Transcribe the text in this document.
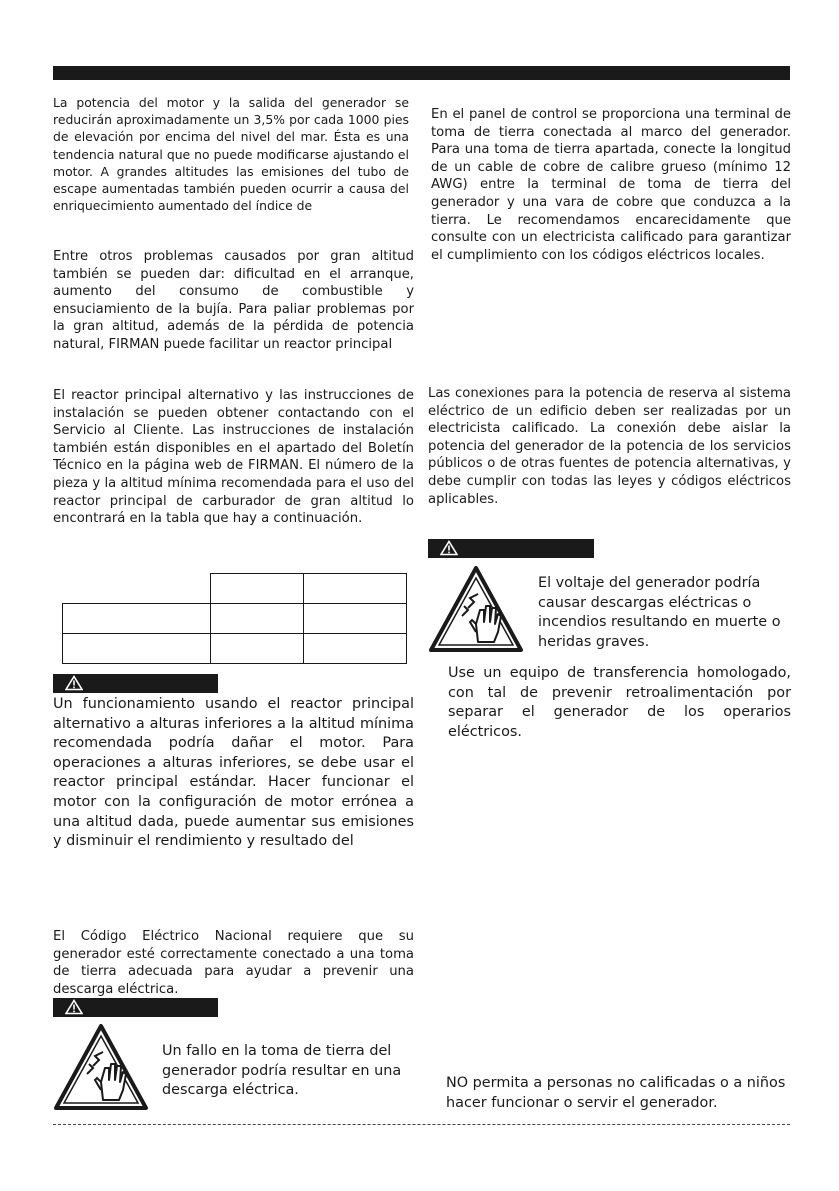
La potencia del motor y la salida del generador se reducirán aproximadamente un 3,5% por cada 1000 pies de elevación por encima del nivel del mar. Ésta es una tendencia natural que no puede modificarse ajustando el motor. A grandes altitudes las emisiones del tubo de escape aumentadas también pueden ocurrir a causa del enriquecimiento aumentado del índice de

Entre otros problemas causados por gran altitud también se pueden dar: dificultad en el arranque, aumento del consumo de combustible y ensuciamiento de la bujía. Para paliar problemas por la gran altitud, además de la pérdida de potencia natural, FIRMAN puede facilitar un reactor principal

El reactor principal alternativo y las instrucciones de instalación se pueden obtener contactando con el Servicio al Cliente. Las instrucciones de instalación también están disponibles en el apartado del Boletín Técnico en la página web de FIRMAN. El número de la pieza y la altitud mínima recomendada para el uso del reactor principal de carburador de gran altitud lo encontrará en la tabla que hay a continuación.

Un funcionamiento usando el reactor principal alternativo a alturas inferiores a la altitud mínima recomendada podría dañar el motor. Para operaciones a alturas inferiores, se debe usar el reactor principal estándar. Hacer funcionar el motor con la configuración de motor errónea a una altitud dada, puede aumentar sus emisiones y disminuir el rendimiento y resultado del

El Código Eléctrico Nacional requiere que su generador esté correctamente conectado a una toma de tierra adecuada para ayudar a prevenir una descarga eléctrica.

Un fallo en la toma de tierra del generador podría resultar en una descarga eléctrica.

En el panel de control se proporciona una terminal de toma de tierra conectada al marco del generador. Para una toma de tierra apartada, conecte la longitud de un cable de cobre de calibre grueso (mínimo 12 AWG) entre la terminal de toma de tierra del generador y una vara de cobre que conduzca a la tierra. Le recomendamos encarecidamente que consulte con un electricista calificado para garantizar el cumplimiento con los códigos eléctricos locales.

Las conexiones para la potencia de reserva al sistema eléctrico de un edificio deben ser realizadas por un electricista calificado. La conexión debe aislar la potencia del generador de la potencia de los servicios públicos o de otras fuentes de potencia alternativas, y debe cumplir con todas las leyes y códigos eléctricos aplicables.

El voltaje del generador podría causar descargas eléctricas o incendios resultando en muerte o heridas graves.

Use un equipo de transferencia homologado, con tal de prevenir retroalimentación por separar el generador de los operarios eléctricos.

NO permita a personas no calificadas o a niños hacer funcionar o servir el generador.
